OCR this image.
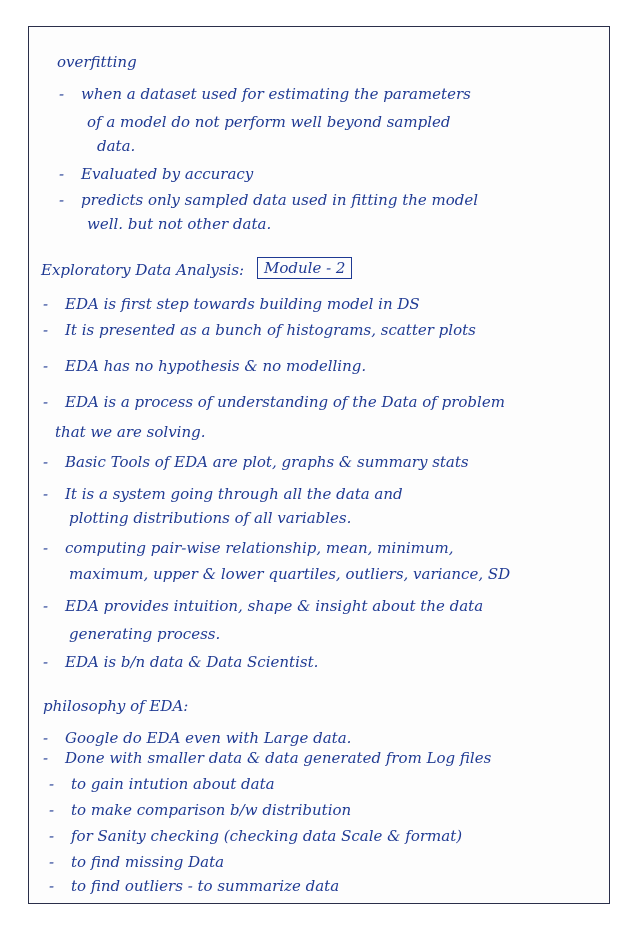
overfitting
- when a dataset used for estimating the parameters
of a model do not perform well beyond sampled
data.
- Evaluated by accuracy
- predicts only sampled data used in fitting the model
well. but not other data.
Module - 2
Exploratory Data Analysis:
- EDA is first step towards building model in DS
- It is presented as a bunch of histograms, scatter plots
- EDA has no hypothesis & no modelling.
- EDA is a process of understanding of the Data of problem
that we are solving.
- Basic Tools of EDA are plot, graphs & summary stats
- It is a system going through all the data and
plotting distributions of all variables.
- computing pair-wise relationship, mean, minimum,
maximum, upper & lower quartiles, outliers, variance, SD
- EDA provides intuition, shape & insight about the data
generating process.
- EDA is b/n data & Data Scientist.
philosophy of EDA:
- Google do EDA even with Large data.
- Done with smaller data & data generated from Log files
- to gain intution about data
- to make comparison b/w distribution
- for Sanity checking (checking data Scale & format)
- to find missing Data
- to find outliers - to summarize data
